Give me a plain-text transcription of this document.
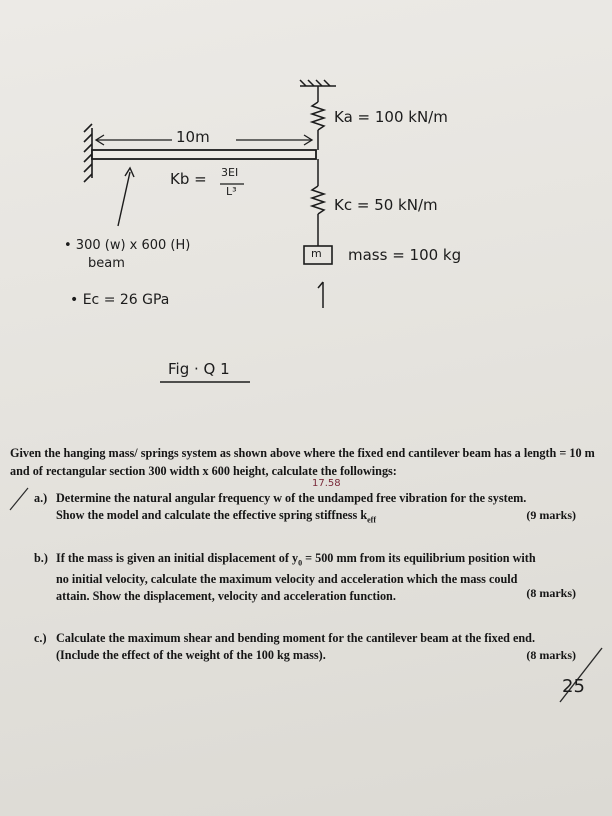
10m
Ka = 100 kN/m
Kb = 3EI
L³
Kc = 50 kN/m
m mass = 100 kg
• 300 (w) x 600 (H)
beam
• Ec = 26 GPa
Fig · Q 1
Given the hanging mass/ springs system as shown above where the fixed end cantilever beam has a length = 10 m and of rectangular section 300 width x 600 height, calculate the followings:
a.) Determine the natural angular frequency w of the undamped free vibration for the system.
Show the model and calculate the effective spring stiffness $k_{eff}$	(9 marks)
17.58
b.) If the mass is given an initial displacement of $y_0 = 500$ mm from its equilibrium position with
no initial velocity, calculate the maximum velocity and acceleration which the mass could
attain. Show the displacement, velocity and acceleration function.	(8 marks)
c.) Calculate the maximum shear and bending moment for the cantilever beam at the fixed end.
(Include the effect of the weight of the 100 kg mass).	(8 marks)
25
